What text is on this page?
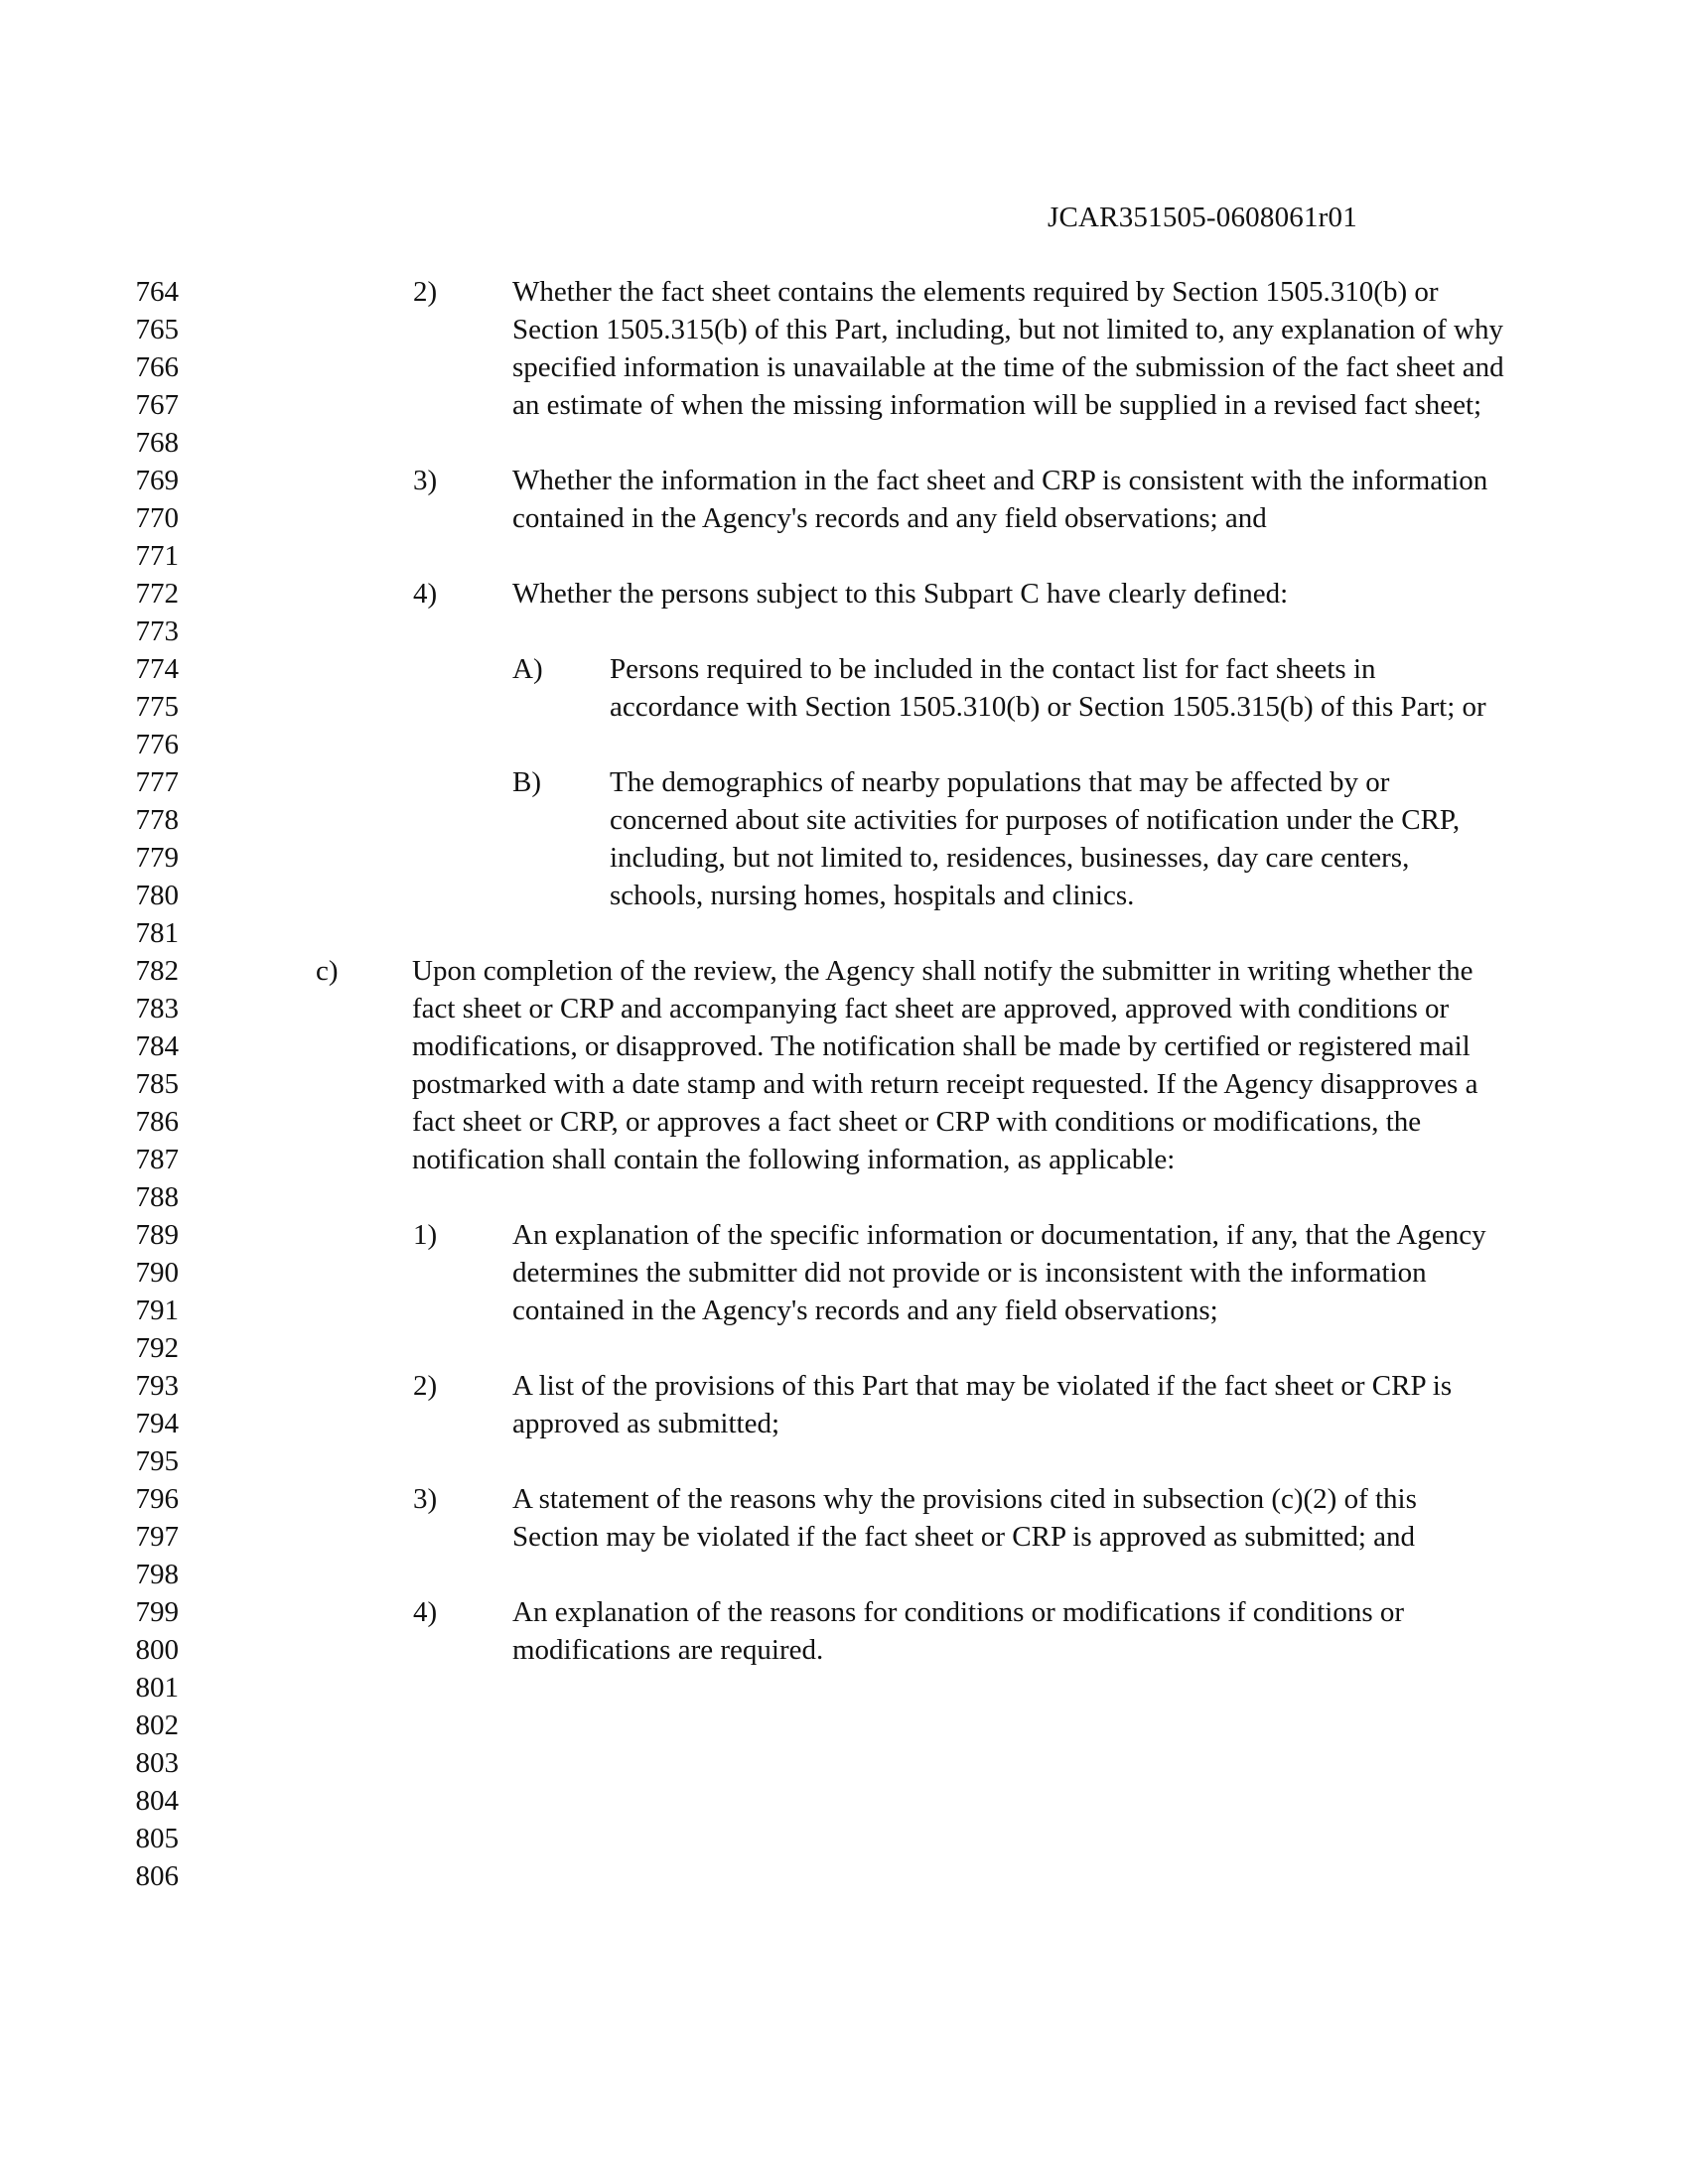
JCAR351505-0608061r01
764
765
766
767
768
769
770
771
772
773
774
775
776
777
778
779
780
781
782
783
784
785
786
787
788
789
790
791
792
793
794
795
796
797
798
799
800
801
802
803
804
805
806
2)	Whether the fact sheet contains the elements required by Section 1505.310(b) or Section 1505.315(b) of this Part, including, but not limited to, any explanation of why specified information is unavailable at the time of the submission of the fact sheet and an estimate of when the missing information will be supplied in a revised fact sheet;
3)	Whether the information in the fact sheet and CRP is consistent with the information contained in the Agency's records and any field observations; and
4)	Whether the persons subject to this Subpart C have clearly defined:
A) Persons required to be included in the contact list for fact sheets in accordance with Section 1505.310(b) or Section 1505.315(b) of this Part; or
B) The demographics of nearby populations that may be affected by or concerned about site activities for purposes of notification under the CRP, including, but not limited to, residences, businesses, day care centers, schools, nursing homes, hospitals and clinics.
c)	Upon completion of the review, the Agency shall notify the submitter in writing whether the fact sheet or CRP and accompanying fact sheet are approved, approved with conditions or modifications, or disapproved. The notification shall be made by certified or registered mail postmarked with a date stamp and with return receipt requested. If the Agency disapproves a fact sheet or CRP, or approves a fact sheet or CRP with conditions or modifications, the notification shall contain the following information, as applicable:
1)	An explanation of the specific information or documentation, if any, that the Agency determines the submitter did not provide or is inconsistent with the information contained in the Agency's records and any field observations;
2)	A list of the provisions of this Part that may be violated if the fact sheet or CRP is approved as submitted;
3)	A statement of the reasons why the provisions cited in subsection (c)(2) of this Section may be violated if the fact sheet or CRP is approved as submitted; and
4)	An explanation of the reasons for conditions or modifications if conditions or modifications are required.
